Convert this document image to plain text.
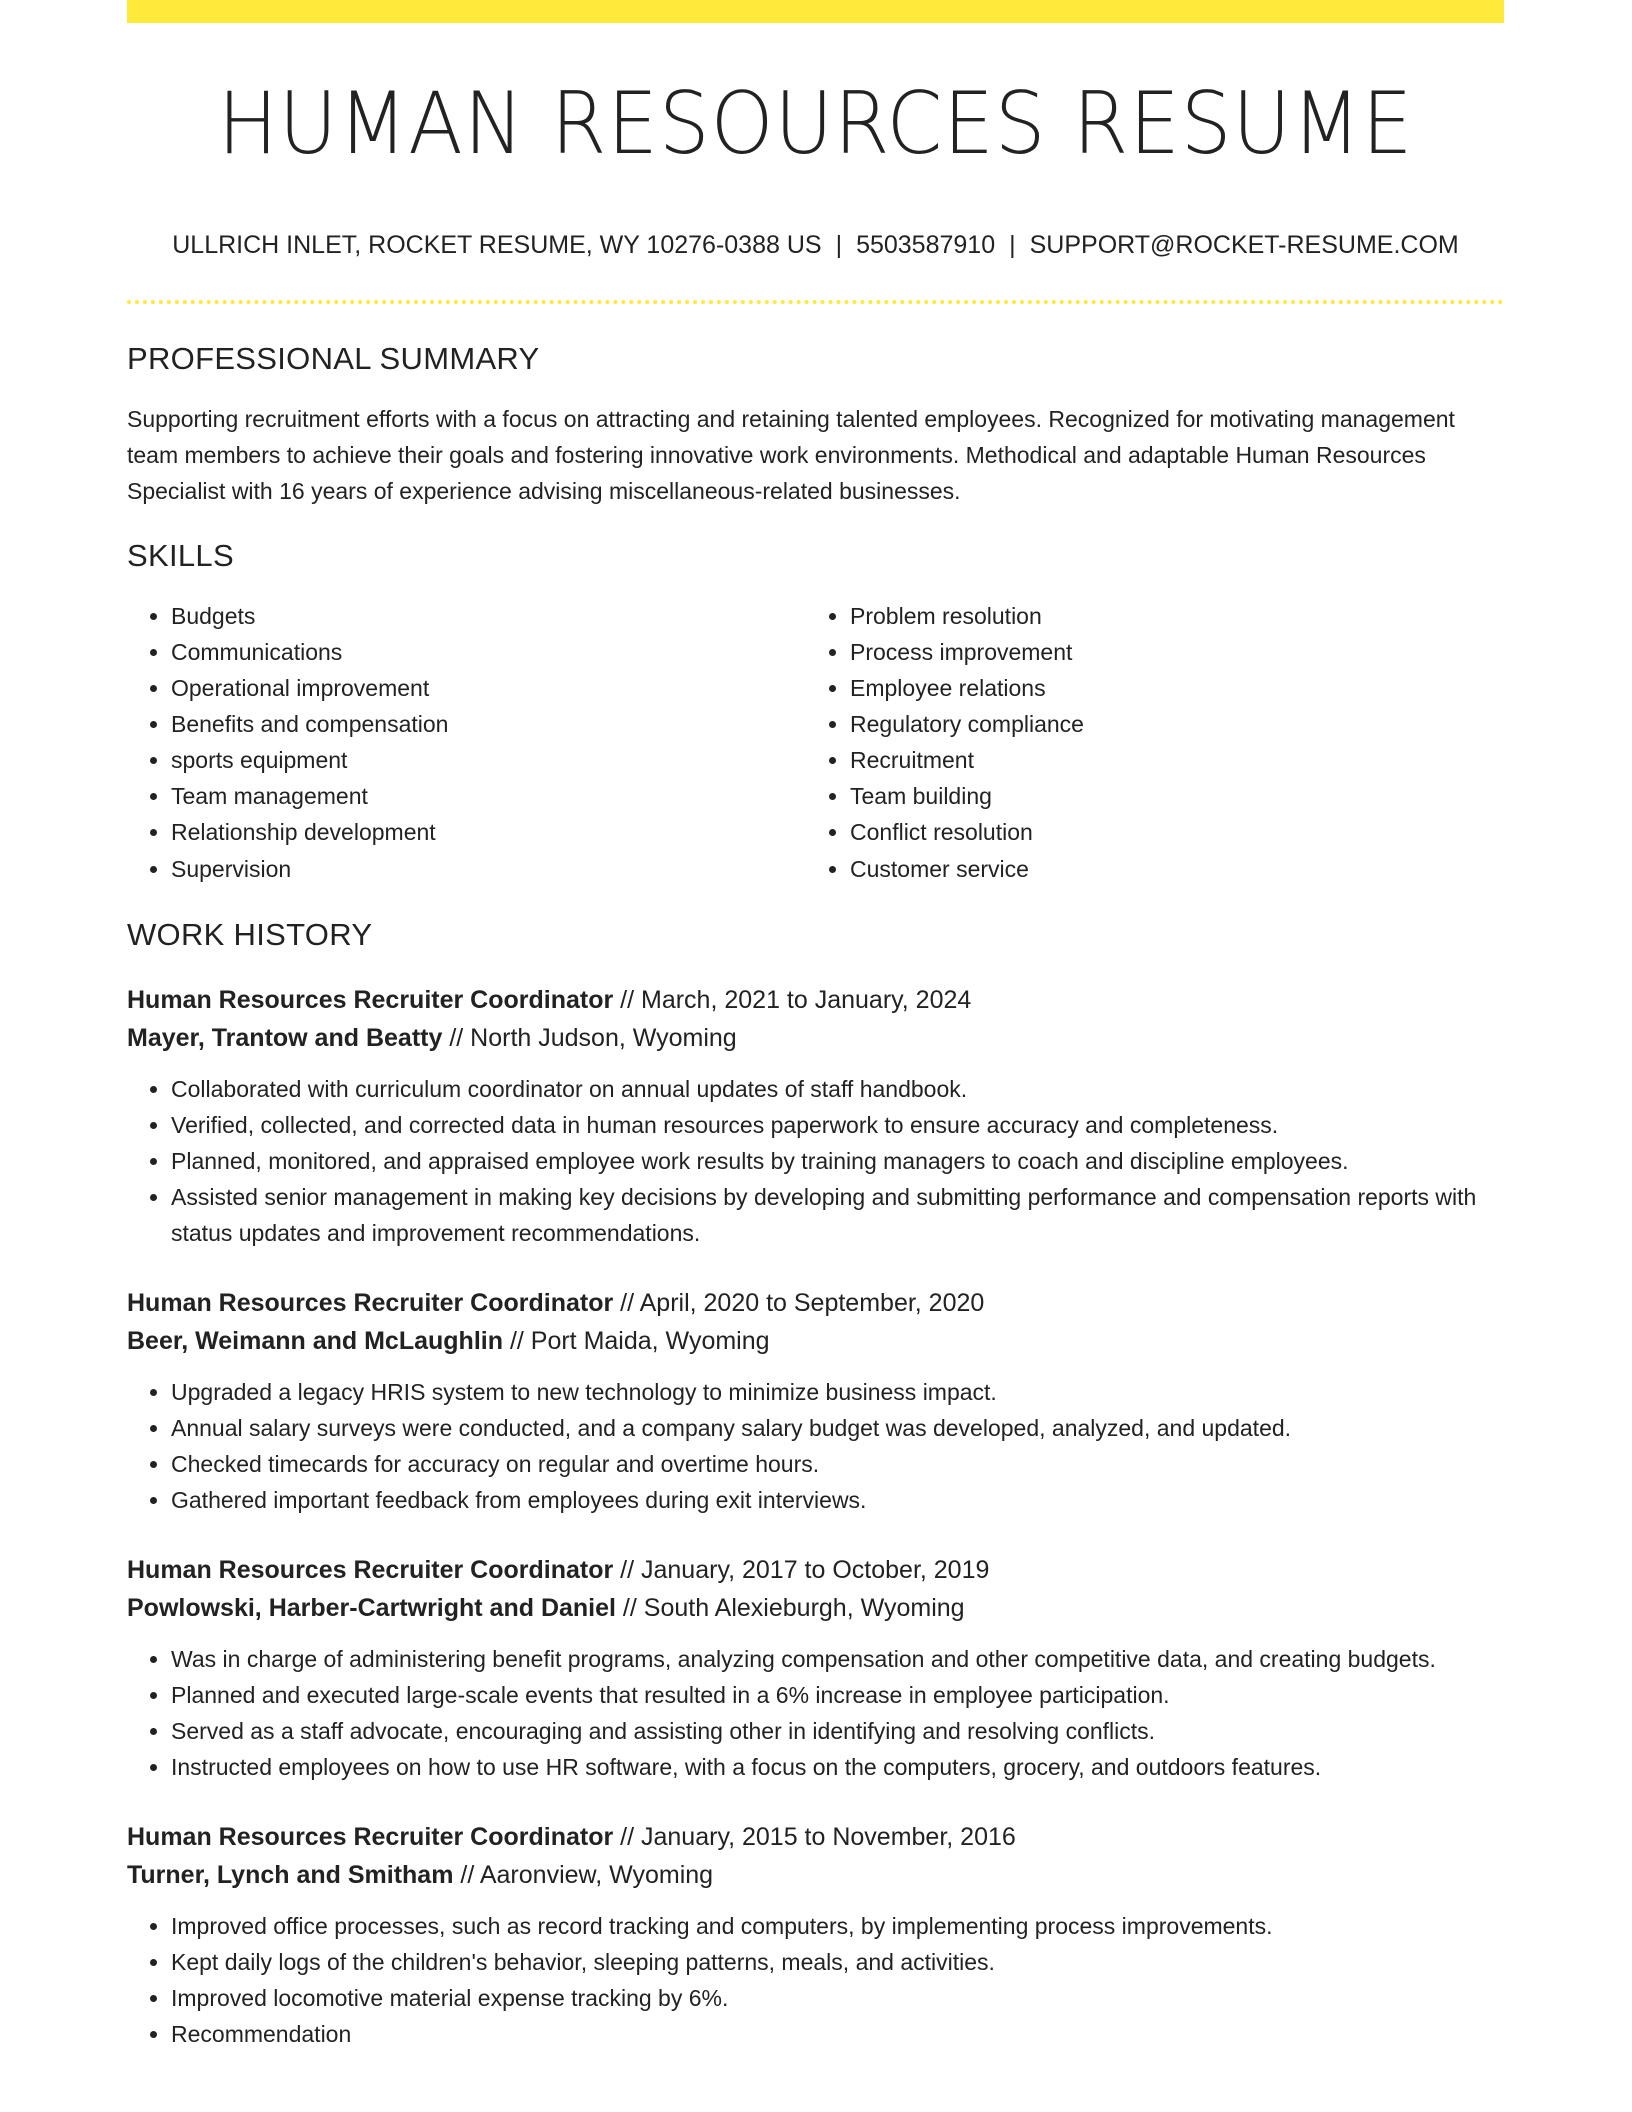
HUMAN RESOURCES RESUME
ULLRICH INLET, ROCKET RESUME, WY 10276-0388 US | 5503587910 | SUPPORT@ROCKET-RESUME.COM
PROFESSIONAL SUMMARY
Supporting recruitment efforts with a focus on attracting and retaining talented employees. Recognized for motivating management team members to achieve their goals and fostering innovative work environments. Methodical and adaptable Human Resources Specialist with 16 years of experience advising miscellaneous-related businesses.
SKILLS
• Budgets
• Communications
• Operational improvement
• Benefits and compensation
• sports equipment
• Team management
• Relationship development
• Supervision
• Problem resolution
• Process improvement
• Employee relations
• Regulatory compliance
• Recruitment
• Team building
• Conflict resolution
• Customer service
WORK HISTORY
Human Resources Recruiter Coordinator // March, 2021 to January, 2024
Mayer, Trantow and Beatty // North Judson, Wyoming
• Collaborated with curriculum coordinator on annual updates of staff handbook.
• Verified, collected, and corrected data in human resources paperwork to ensure accuracy and completeness.
• Planned, monitored, and appraised employee work results by training managers to coach and discipline employees.
• Assisted senior management in making key decisions by developing and submitting performance and compensation reports with status updates and improvement recommendations.
Human Resources Recruiter Coordinator // April, 2020 to September, 2020
Beer, Weimann and McLaughlin // Port Maida, Wyoming
• Upgraded a legacy HRIS system to new technology to minimize business impact.
• Annual salary surveys were conducted, and a company salary budget was developed, analyzed, and updated.
• Checked timecards for accuracy on regular and overtime hours.
• Gathered important feedback from employees during exit interviews.
Human Resources Recruiter Coordinator // January, 2017 to October, 2019
Powlowski, Harber-Cartwright and Daniel // South Alexieburgh, Wyoming
• Was in charge of administering benefit programs, analyzing compensation and other competitive data, and creating budgets.
• Planned and executed large-scale events that resulted in a 6% increase in employee participation.
• Served as a staff advocate, encouraging and assisting other in identifying and resolving conflicts.
• Instructed employees on how to use HR software, with a focus on the computers, grocery, and outdoors features.
Human Resources Recruiter Coordinator // January, 2015 to November, 2016
Turner, Lynch and Smitham // Aaronview, Wyoming
• Improved office processes, such as record tracking and computers, by implementing process improvements.
• Kept daily logs of the children's behavior, sleeping patterns, meals, and activities.
• Improved locomotive material expense tracking by 6%.
• Recommendation
